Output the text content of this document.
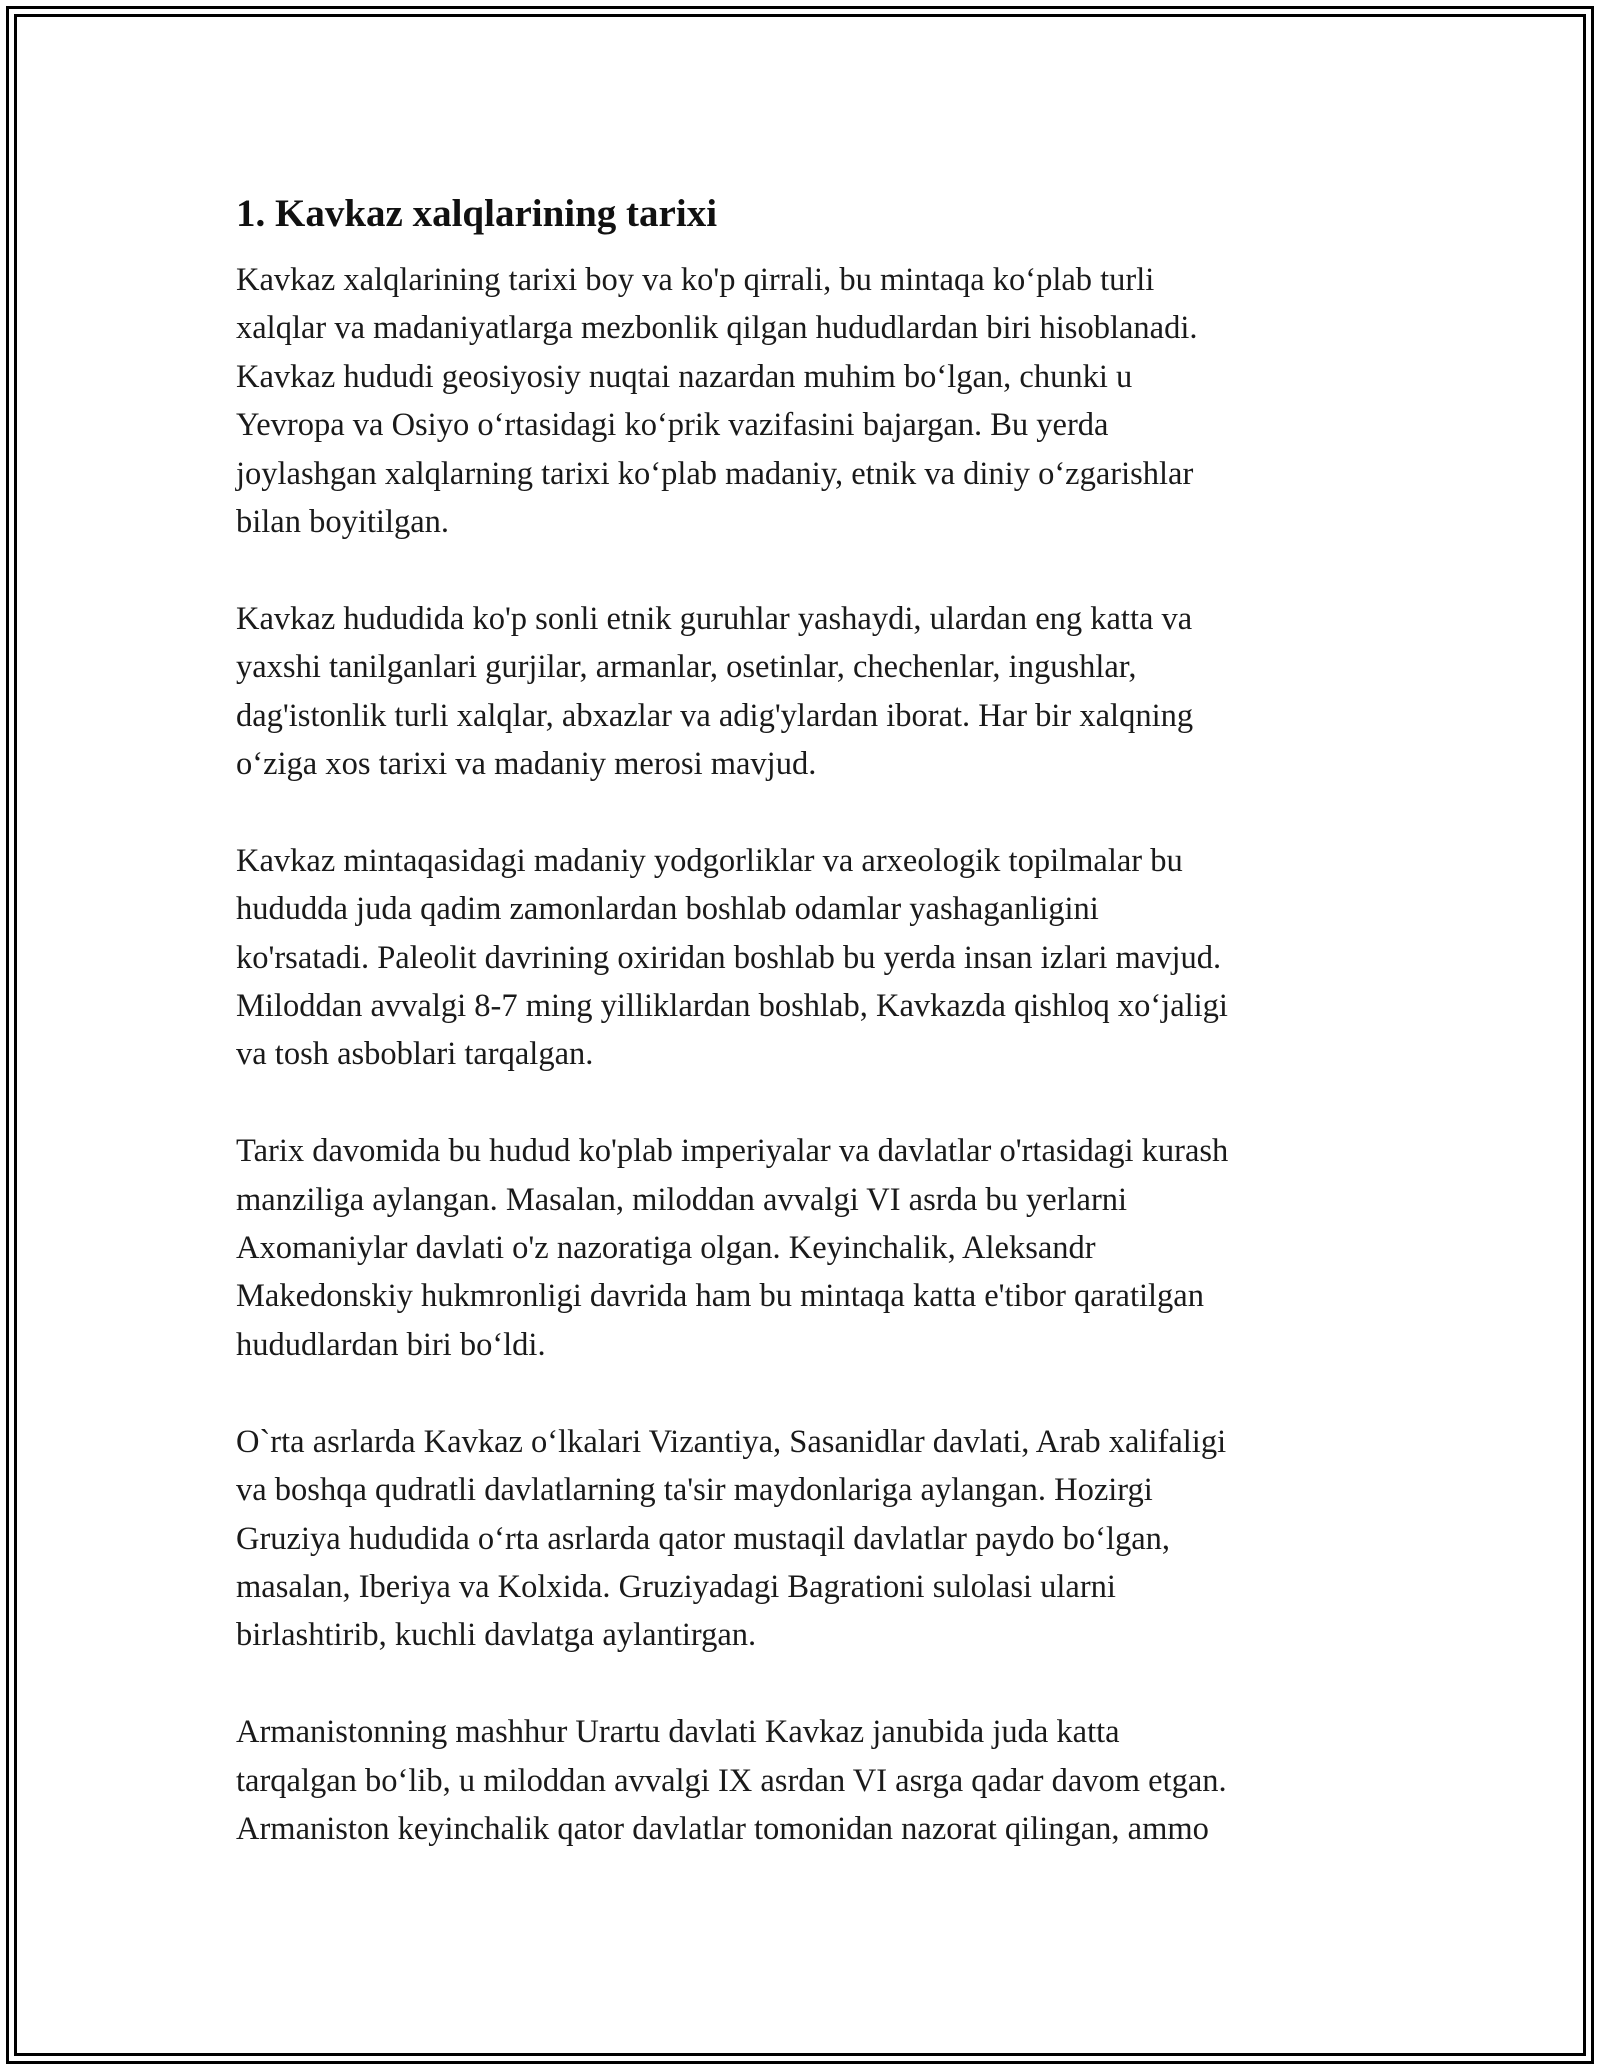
1. Kavkaz xalqlarining tarixi
Kavkaz xalqlarining tarixi boy va ko'p qirrali, bu mintaqa ko‘plab turli
xalqlar va madaniyatlarga mezbonlik qilgan hududlardan biri hisoblanadi.
Kavkaz hududi geosiyosiy nuqtai nazardan muhim bo‘lgan, chunki u
Yevropa va Osiyo o‘rtasidagi ko‘prik vazifasini bajargan. Bu yerda
joylashgan xalqlarning tarixi ko‘plab madaniy, etnik va diniy o‘zgarishlar
bilan boyitilgan.
Kavkaz hududida ko'p sonli etnik guruhlar yashaydi, ulardan eng katta va
yaxshi tanilganlari gurjilar, armanlar, osetinlar, chechenlar, ingushlar,
dag'istonlik turli xalqlar, abxazlar va adig'ylardan iborat. Har bir xalqning
o‘ziga xos tarixi va madaniy merosi mavjud.
Kavkaz mintaqasidagi madaniy yodgorliklar va arxeologik topilmalar bu
hududda juda qadim zamonlardan boshlab odamlar yashaganligini
ko'rsatadi. Paleolit davrining oxiridan boshlab bu yerda insan izlari mavjud.
Miloddan avvalgi 8-7 ming yilliklardan boshlab, Kavkazda qishloq xo‘jaligi
va tosh asboblari tarqalgan.
Tarix davomida bu hudud ko'plab imperiyalar va davlatlar o'rtasidagi kurash
manziliga aylangan. Masalan, miloddan avvalgi VI asrda bu yerlarni
Axomaniylar davlati o'z nazoratiga olgan. Keyinchalik, Aleksandr
Makedonskiy hukmronligi davrida ham bu mintaqa katta e'tibor qaratilgan
hududlardan biri bo‘ldi.
O`rta asrlarda Kavkaz o‘lkalari Vizantiya, Sasanidlar davlati, Arab xalifaligi
va boshqa qudratli davlatlarning ta'sir maydonlariga aylangan. Hozirgi
Gruziya hududida o‘rta asrlarda qator mustaqil davlatlar paydo bo‘lgan,
masalan, Iberiya va Kolxida. Gruziyadagi Bagrationi sulolasi ularni
birlashtirib, kuchli davlatga aylantirgan.
Armanistonning mashhur Urartu davlati Kavkaz janubida juda katta
tarqalgan bo‘lib, u miloddan avvalgi IX asrdan VI asrga qadar davom etgan.
Armaniston keyinchalik qator davlatlar tomonidan nazorat qilingan, ammo
